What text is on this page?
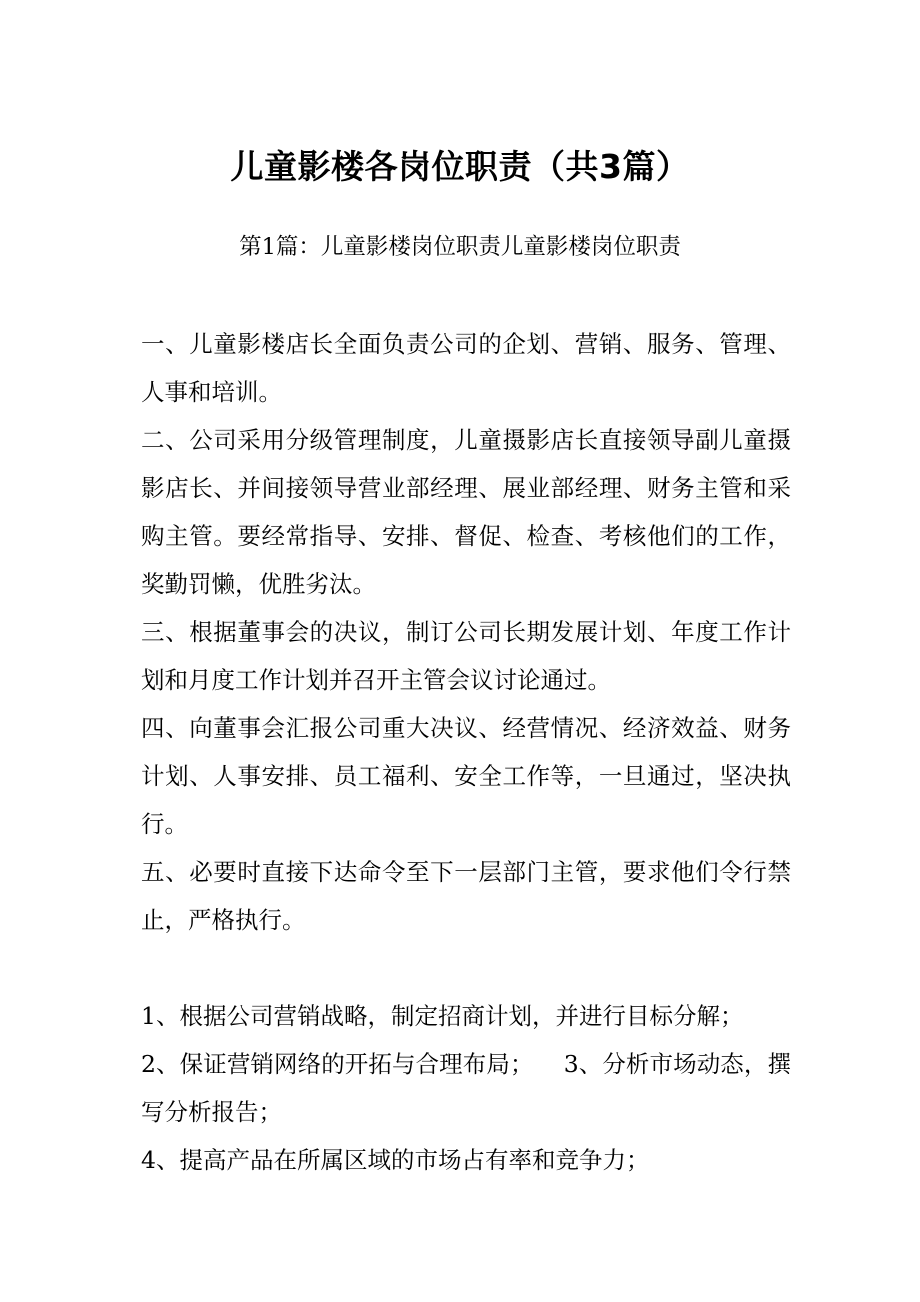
儿童影楼各岗位职责（共3篇）
第1篇：儿童影楼岗位职责儿童影楼岗位职责

一、儿童影楼店长全面负责公司的企划、营销、服务、管理、人事和培训。

二、公司采用分级管理制度，儿童摄影店长直接领导副儿童摄影店长、并间接领导营业部经理、展业部经理、财务主管和采购主管。要经常指导、安排、督促、检查、考核他们的工作，奖勤罚懒，优胜劣汰。

三、根据董事会的决议，制订公司长期发展计划、年度工作计划和月度工作计划并召开主管会议讨论通过。

四、向董事会汇报公司重大决议、经营情况、经济效益、财务计划、人事安排、员工福利、安全工作等，一旦通过，坚决执行。

五、必要时直接下达命令至下一层部门主管，要求他们令行禁止，严格执行。

1、根据公司营销战略，制定招商计划，并进行目标分解；

2、保证营销网络的开拓与合理布局；    3、分析市场动态，撰写分析报告；

4、提高产品在所属区域的市场占有率和竞争力；
